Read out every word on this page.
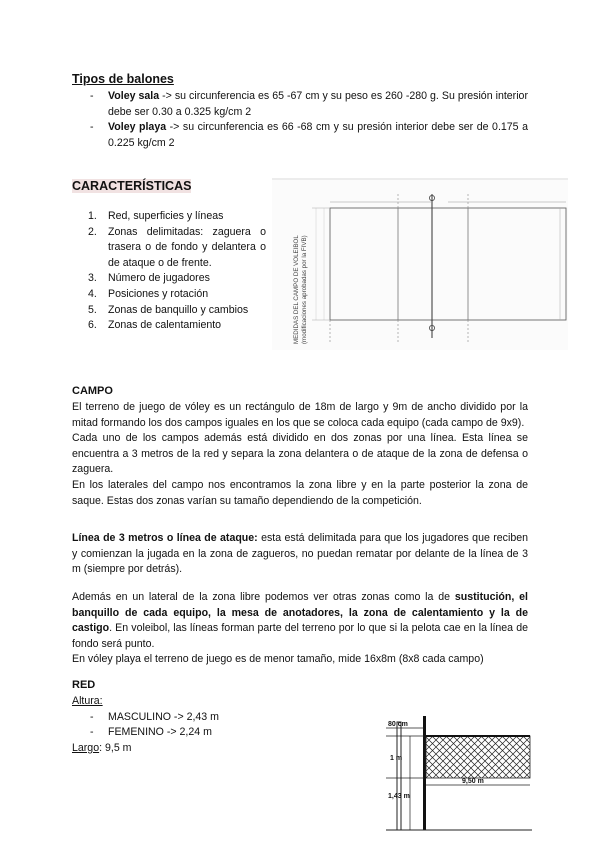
Tipos de balones
- Voley sala -> su circunferencia es 65 -67 cm y su peso es 260 -280 g. Su presión interior debe ser 0.30 a 0.325 kg/cm 2
- Voley playa -> su circunferencia es 66 -68 cm y su presión interior debe ser de 0.175 a 0.225 kg/cm 2
CARACTERÍSTICAS
1. Red, superficies y líneas
2. Zonas delimitadas: zaguera o trasera o de fondo y delantera o de ataque o de frente.
3. Número de jugadores
4. Posiciones y rotación
5. Zonas de banquillo y cambios
6. Zonas de calentamiento	MEDIDAS DEL CAMPO DE VOLEIBOL (modificaciones aprobadas por la FIVB)
CAMPO

El terreno de juego de vóley es un rectángulo de 18m de largo y 9m de ancho dividido por la mitad formando los dos campos iguales en los que se coloca cada equipo (cada campo de 9x9).

Cada uno de los campos además está dividido en dos zonas por una línea. Esta línea se encuentra a 3 metros de la red y separa la zona delantera o de ataque de la zona de defensa o zaguera.

En los laterales del campo nos encontramos la zona libre y en la parte posterior la zona de saque. Estas dos zonas varían su tamaño dependiendo de la competición.

Línea de 3 metros o línea de ataque: esta está delimitada para que los jugadores que reciben y comienzan la jugada en la zona de zagueros, no puedan rematar por delante de la línea de 3 m (siempre por detrás).

Además en un lateral de la zona libre podemos ver otras zonas como la de sustitución, el banquillo de cada equipo, la mesa de anotadores, la zona de calentamiento y la de castigo. En voleibol, las líneas forman parte del terreno por lo que si la pelota cae en la línea de fondo será punto.

En vóley playa el terreno de juego es de menor tamaño, mide 16x8m (8x8 cada campo)

RED

Altura:

- MASCULINO -> 2,43 m
- FEMENINO -> 2,24 m

Largo: 9,5 m

80 cm
1 m
9,50 m
1,43 m
